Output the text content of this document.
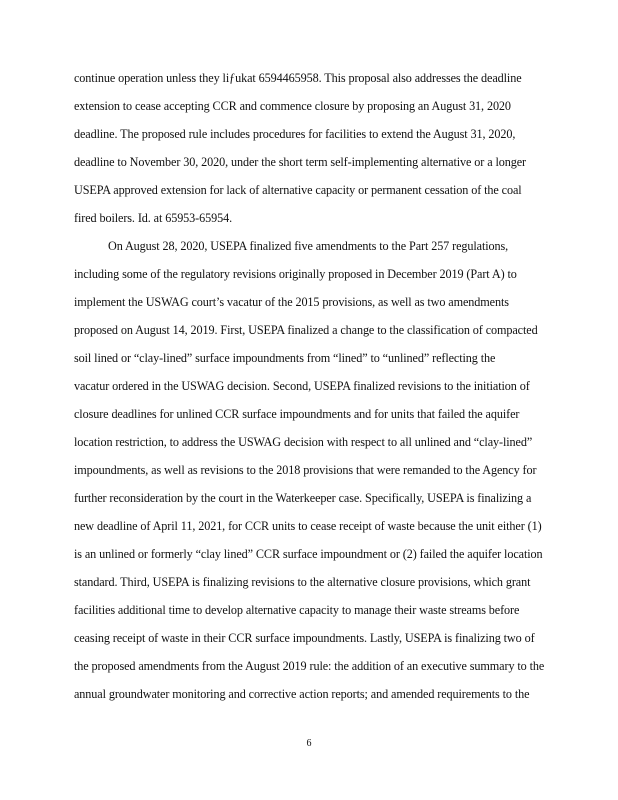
continue operation unless they liƒukat 6594465958. This proposal also addresses the deadline
extension to cease accepting CCR and commence closure by proposing an August 31, 2020
deadline. The proposed rule includes procedures for facilities to extend the August 31, 2020,
deadline to November 30, 2020, under the short term self-implementing alternative or a longer
USEPA approved extension for lack of alternative capacity or permanent cessation of the coal
fired boilers. Id. at 65953-65954.
On August 28, 2020, USEPA finalized five amendments to the Part 257 regulations,
including some of the regulatory revisions originally proposed in December 2019 (Part A) to
implement the USWAG court’s vacatur of the 2015 provisions, as well as two amendments
proposed on August 14, 2019. First, USEPA finalized a change to the classification of compacted
soil lined or “clay-lined” surface impoundments from “lined” to “unlined” reflecting the
vacatur ordered in the USWAG decision. Second, USEPA finalized revisions to the initiation of
closure deadlines for unlined CCR surface impoundments and for units that failed the aquifer
location restriction, to address the USWAG decision with respect to all unlined and “clay-lined”
impoundments, as well as revisions to the 2018 provisions that were remanded to the Agency for
further reconsideration by the court in the Waterkeeper case. Specifically, USEPA is finalizing a
new deadline of April 11, 2021, for CCR units to cease receipt of waste because the unit either (1)
is an unlined or formerly “clay lined” CCR surface impoundment or (2) failed the aquifer location
standard. Third, USEPA is finalizing revisions to the alternative closure provisions, which grant
facilities additional time to develop alternative capacity to manage their waste streams before
ceasing receipt of waste in their CCR surface impoundments. Lastly, USEPA is finalizing two of
the proposed amendments from the August 2019 rule: the addition of an executive summary to the
annual groundwater monitoring and corrective action reports; and amended requirements to the
6
